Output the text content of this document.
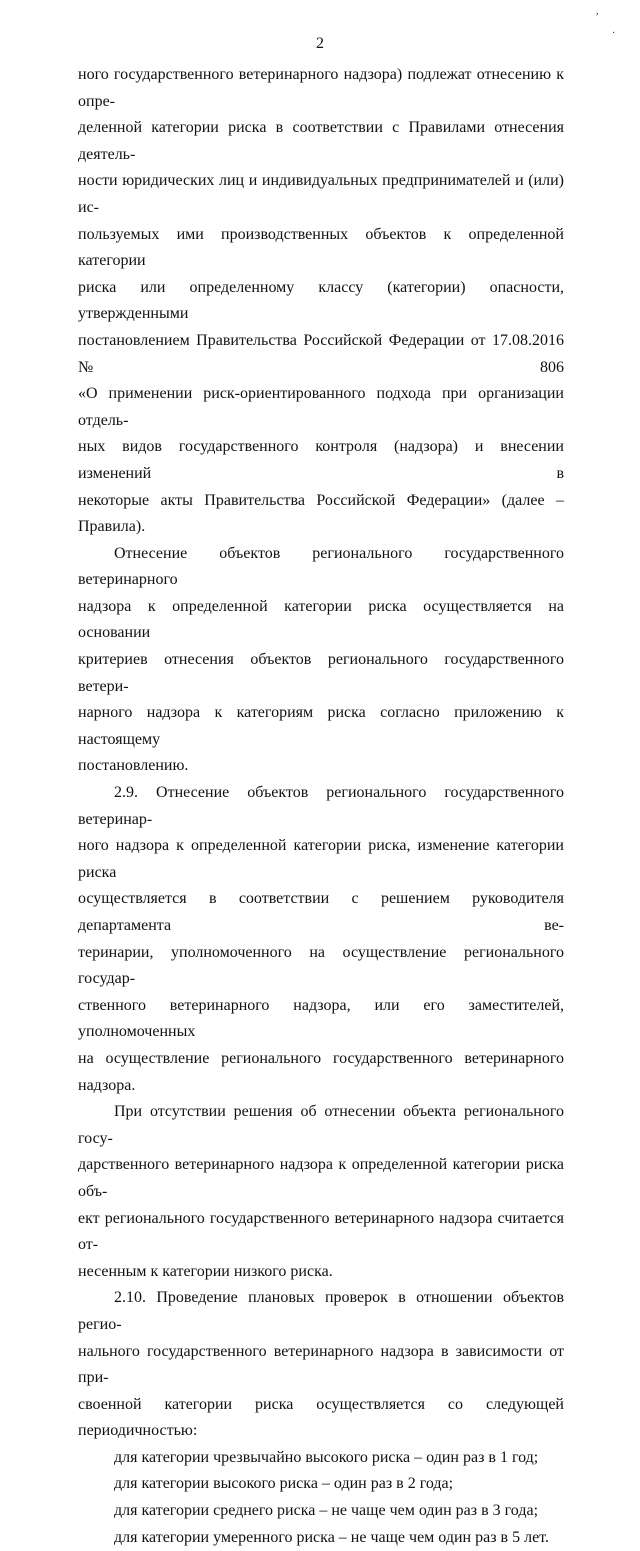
2
,
·

ного государственного ветеринарного надзора) подлежат отнесению к опре-

деленной категории риска в соответствии с Правилами отнесения деятель-

ности юридических лиц и индивидуальных предпринимателей и (или) ис-

пользуемых ими производственных объектов к определенной категории

риска или определенному классу (категории) опасности, утвержденными

постановлением Правительства Российской Федерации от 17.08.2016 № 806

«О применении риск-ориентированного подхода при организации отдель-

ных видов государственного контроля (надзора) и внесении изменений в

некоторые акты Правительства Российской Федерации» (далее – Правила).

Отнесение объектов регионального государственного ветеринарного

надзора к определенной категории риска осуществляется на основании

критериев отнесения объектов регионального государственного ветери-

нарного надзора к категориям риска согласно приложению к настоящему

постановлению.

2.9. Отнесение объектов регионального государственного ветеринар-

ного надзора к определенной категории риска, изменение категории риска

осуществляется в соответствии с решением руководителя департамента ве-

теринарии, уполномоченного на осуществление регионального государ-

ственного ветеринарного надзора, или его заместителей, уполномоченных

на осуществление регионального государственного ветеринарного надзора.

При отсутствии решения об отнесении объекта регионального госу-

дарственного ветеринарного надзора к определенной категории риска объ-

ект регионального государственного ветеринарного надзора считается от-

несенным к категории низкого риска.

2.10. Проведение плановых проверок в отношении объектов регио-

нального государственного ветеринарного надзора в зависимости от при-

своенной категории риска осуществляется со следующей периодичностью:

для категории чрезвычайно высокого риска – один раз в 1 год;

для категории высокого риска – один раз в 2 года;

для категории среднего риска – не чаще чем один раз в 3 года;

для категории умеренного риска – не чаще чем один раз в 5 лет.
